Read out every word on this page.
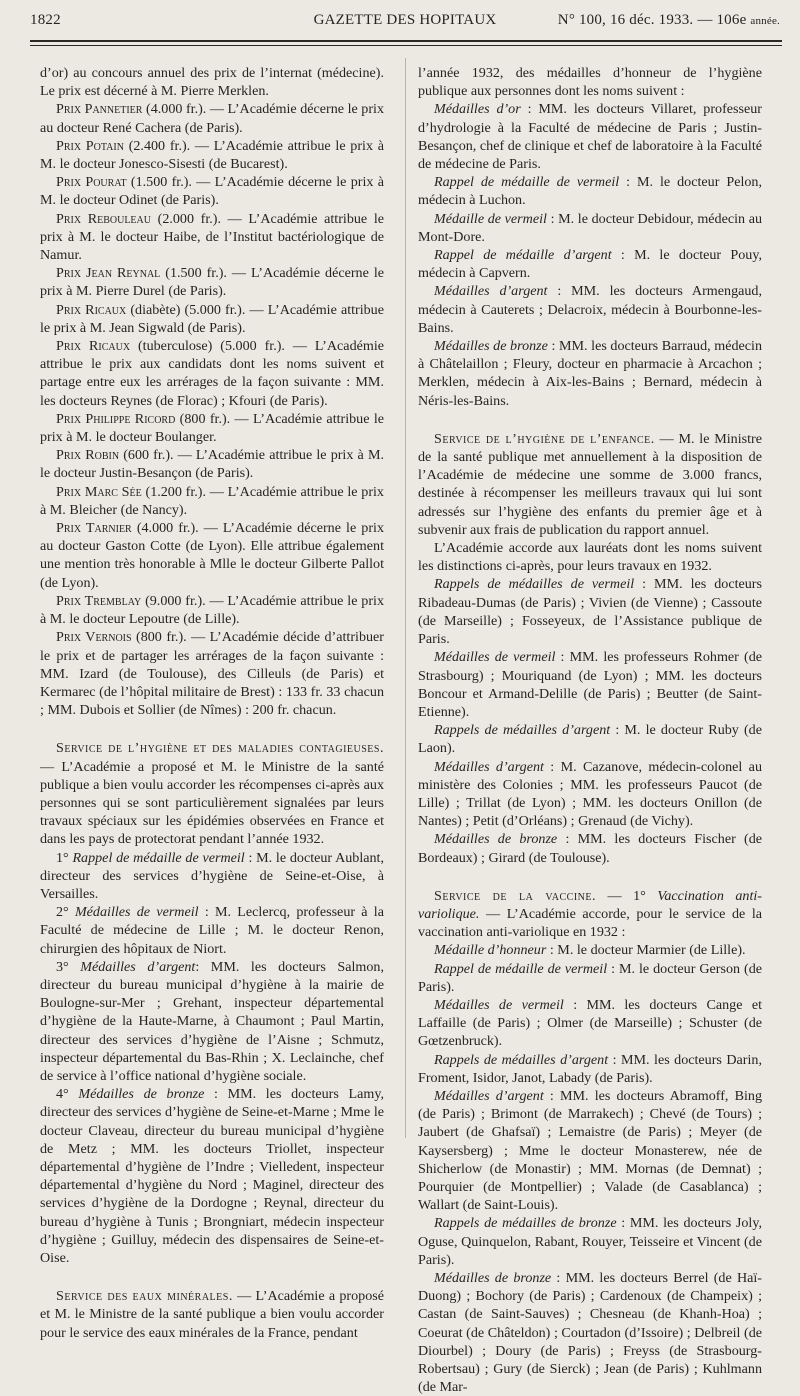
1822	GAZETTE DES HOPITAUX	N° 100, 16 déc. 1933. — 106e année.

d’or) au concours annuel des prix de l’internat (médecine). Le prix est décerné à M. Pierre Merklen.

Prix Pannetier (4.000 fr.). — L’Académie décerne le prix au docteur René Cachera (de Paris).

Prix Potain (2.400 fr.). — L’Académie attribue le prix à M. le docteur Jonesco-Sisesti (de Bucarest).

Prix Pourat (1.500 fr.). — L’Académie décerne le prix à M. le docteur Odinet (de Paris).

Prix Rebouleau (2.000 fr.). — L’Académie attribue le prix à M. le docteur Haibe, de l’Institut bactériologique de Namur.

Prix Jean Reynal (1.500 fr.). — L’Académie décerne le prix à M. Pierre Durel (de Paris).

Prix Ricaux (diabète) (5.000 fr.). — L’Académie attribue le prix à M. Jean Sigwald (de Paris).

Prix Ricaux (tuberculose) (5.000 fr.). — L’Académie attribue le prix aux candidats dont les noms suivent et partage entre eux les arrérages de la façon suivante : MM. les docteurs Reynes (de Florac) ; Kfouri (de Paris).

Prix Philippe Ricord (800 fr.). — L’Académie attribue le prix à M. le docteur Boulanger.

Prix Robin (600 fr.). — L’Académie attribue le prix à M. le docteur Justin-Besançon (de Paris).

Prix Marc Sée (1.200 fr.). — L’Académie attribue le prix à M. Bleicher (de Nancy).

Prix Tarnier (4.000 fr.). — L’Académie décerne le prix au docteur Gaston Cotte (de Lyon). Elle attribue également une mention très honorable à Mlle le docteur Gilberte Pallot (de Lyon).

Prix Tremblay (9.000 fr.). — L’Académie attribue le prix à M. le docteur Lepoutre (de Lille).

Prix Vernois (800 fr.). — L’Académie décide d’attribuer le prix et de partager les arrérages de la façon suivante : MM. Izard (de Toulouse), des Cilleuls (de Paris) et Kermarec (de l’hôpital militaire de Brest) : 133 fr. 33 chacun ; MM. Dubois et Sollier (de Nîmes) : 200 fr. chacun.

Service de l’hygiène et des maladies contagieuses. — L’Académie a proposé et M. le Ministre de la santé publique a bien voulu accorder les récompenses ci-après aux personnes qui se sont particulièrement signalées par leurs travaux spéciaux sur les épidémies observées en France et dans les pays de protectorat pendant l’année 1932.

1° Rappel de médaille de vermeil : M. le docteur Aublant, directeur des services d’hygiène de Seine-et-Oise, à Versailles.

2° Médailles de vermeil : M. Leclercq, professeur à la Faculté de médecine de Lille ; M. le docteur Renon, chirurgien des hôpitaux de Niort.

3° Médailles d’argent: MM. les docteurs Salmon, directeur du bureau municipal d’hygiène à la mairie de Boulogne-sur-Mer ; Grehant, inspecteur départemental d’hygiène de la Haute-Marne, à Chaumont ; Paul Martin, directeur des services d’hygiène de l’Aisne ; Schmutz, inspecteur départemental du Bas-Rhin ; X. Leclainche, chef de service à l’office national d’hygiène sociale.

4° Médailles de bronze : MM. les docteurs Lamy, directeur des services d’hygiène de Seine-et-Marne ; Mme le docteur Claveau, directeur du bureau municipal d’hygiène de Metz ; MM. les docteurs Triollet, inspecteur départemental d’hygiène de l’Indre ; Vielledent, inspecteur départemental d’hygiène du Nord ; Maginel, directeur des services d’hygiène de la Dordogne ; Reynal, directeur du bureau d’hygiène à Tunis ; Brongniart, médecin inspecteur d’hygiène ; Guilluy, médecin des dispensaires de Seine-et-Oise.

Service des eaux minérales. — L’Académie a proposé et M. le Ministre de la santé publique a bien voulu accorder pour le service des eaux minérales de la France, pendant

l’année 1932, des médailles d’honneur de l’hygiène publique aux personnes dont les noms suivent :

Médailles d’or : MM. les docteurs Villaret, professeur d’hydrologie à la Faculté de médecine de Paris ; Justin-Besançon, chef de clinique et chef de laboratoire à la Faculté de médecine de Paris.

Rappel de médaille de vermeil : M. le docteur Pelon, médecin à Luchon.

Médaille de vermeil : M. le docteur Debidour, médecin au Mont-Dore.

Rappel de médaille d’argent : M. le docteur Pouy, médecin à Capvern.

Médailles d’argent : MM. les docteurs Armengaud, médecin à Cauterets ; Delacroix, médecin à Bourbonne-les-Bains.

Médailles de bronze : MM. les docteurs Barraud, médecin à Châtelaillon ; Fleury, docteur en pharmacie à Arcachon ; Merklen, médecin à Aix-les-Bains ; Bernard, médecin à Néris-les-Bains.

Service de l’hygiène de l’enfance. — M. le Ministre de la santé publique met annuellement à la disposition de l’Académie de médecine une somme de 3.000 francs, destinée à récompenser les meilleurs travaux qui lui sont adressés sur l’hygiène des enfants du premier âge et à subvenir aux frais de publication du rapport annuel.

L’Académie accorde aux lauréats dont les noms suivent les distinctions ci-après, pour leurs travaux en 1932.

Rappels de médailles de vermeil : MM. les docteurs Ribadeau-Dumas (de Paris) ; Vivien (de Vienne) ; Cassoute (de Marseille) ; Fosseyeux, de l’Assistance publique de Paris.

Médailles de vermeil : MM. les professeurs Rohmer (de Strasbourg) ; Mouriquand (de Lyon) ; MM. les docteurs Boncour et Armand-Delille (de Paris) ; Beutter (de Saint-Etienne).

Rappels de médailles d’argent : M. le docteur Ruby (de Laon).

Médailles d’argent : M. Cazanove, médecin-colonel au ministère des Colonies ; MM. les professeurs Paucot (de Lille) ; Trillat (de Lyon) ; MM. les docteurs Onillon (de Nantes) ; Petit (d’Orléans) ; Grenaud (de Vichy).

Médailles de bronze : MM. les docteurs Fischer (de Bordeaux) ; Girard (de Toulouse).

Service de la vaccine. — 1° Vaccination anti-variolique. — L’Académie accorde, pour le service de la vaccination anti-variolique en 1932 :

Médaille d’honneur : M. le docteur Marmier (de Lille).

Rappel de médaille de vermeil : M. le docteur Gerson (de Paris).

Médailles de vermeil : MM. les docteurs Cange et Laffaille (de Paris) ; Olmer (de Marseille) ; Schuster (de Gœtzenbruck).

Rappels de médailles d’argent : MM. les docteurs Darin, Froment, Isidor, Janot, Labady (de Paris).

Médailles d’argent : MM. les docteurs Abramoff, Bing (de Paris) ; Brimont (de Marrakech) ; Chevé (de Tours) ; Jaubert (de Ghafsaï) ; Lemaistre (de Paris) ; Meyer (de Kaysersberg) ; Mme le docteur Monasterew, née de Shicherlow (de Monastir) ; MM. Mornas (de Demnat) ; Pourquier (de Montpellier) ; Valade (de Casablanca) ; Wallart (de Saint-Louis).

Rappels de médailles de bronze : MM. les docteurs Joly, Oguse, Quinquelon, Rabant, Rouyer, Teisseire et Vincent (de Paris).

Médailles de bronze : MM. les docteurs Berrel (de Haï-Duong) ; Bochory (de Paris) ; Cardenoux (de Champeix) ; Castan (de Saint-Sauves) ; Chesneau (de Khanh-Hoa) ; Coeurat (de Châteldon) ; Courtadon (d’Issoire) ; Delbreil (de Diourbel) ; Doury (de Paris) ; Freyss (de Strasbourg-Robertsau) ; Gury (de Sierck) ; Jean (de Paris) ; Kuhlmann (de Mar-
